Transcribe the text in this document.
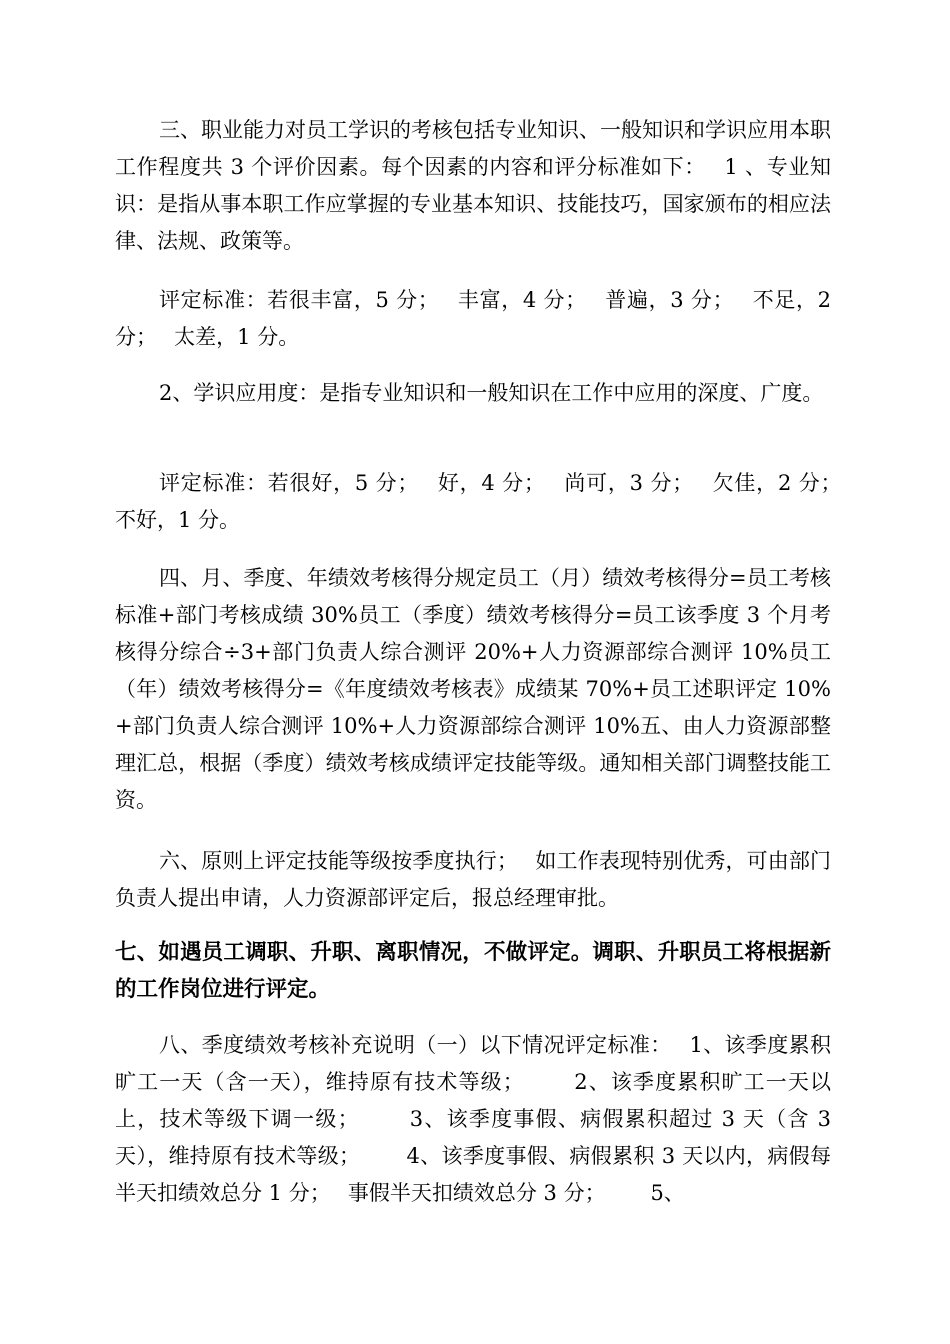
三、职业能力对员工学识的考核包括专业知识、一般知识和学识应用本职工作程度共 3 个评价因素。每个因素的内容和评分标准如下：　 1 、专业知识：是指从事本职工作应掌握的专业基本知识、技能技巧，国家颁布的相应法律、法规、政策等。

评定标准：若很丰富，5 分；　 丰富，4 分；　 普遍，3 分；　 不足，2 分；　 太差，1 分。

2、学识应用度：是指专业知识和一般知识在工作中应用的深度、广度。

评定标准：若很好，5 分；　 好，4 分；　 尚可，3 分；　 欠佳，2 分；　 不好，1 分。

四、月、季度、年绩效考核得分规定员工（月）绩效考核得分=员工考核标准+部门考核成绩 30%员工（季度）绩效考核得分=员工该季度 3 个月考核得分综合÷3+部门负责人综合测评 20%+人力资源部综合测评 10%员工（年）绩效考核得分=《年度绩效考核表》成绩某 70%+员工述职评定 10%+部门负责人综合测评 10%+人力资源部综合测评 10%五、由人力资源部整理汇总，根据（季度）绩效考核成绩评定技能等级。通知相关部门调整技能工资。

六、原则上评定技能等级按季度执行；　 如工作表现特别优秀，可由部门负责人提出申请，人力资源部评定后，报总经理审批。

七、如遇员工调职、升职、离职情况，不做评定。调职、升职员工将根据新的工作岗位进行评定。

八、季度绩效考核补充说明（一）以下情况评定标准：　 1、该季度累积旷工一天（含一天），维持原有技术等级；　 　 2、该季度累积旷工一天以上，技术等级下调一级；　 　 3、该季度事假、病假累积超过 3 天（含 3 天），维持原有技术等级；　 　 4、该季度事假、病假累积 3 天以内，病假每半天扣绩效总分 1 分；　 事假半天扣绩效总分 3 分；　 　 5、
